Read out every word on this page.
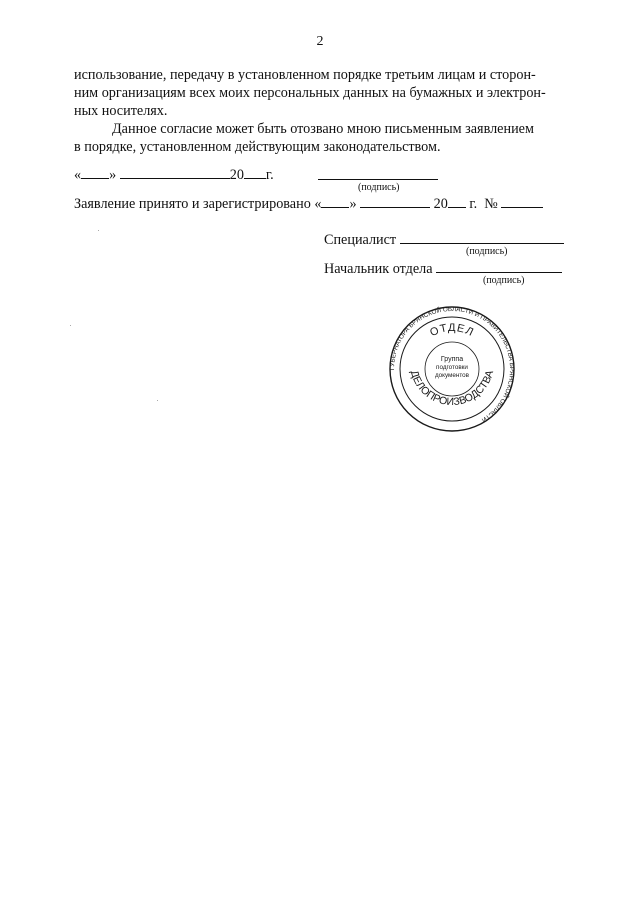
2
использование, передачу в установленном порядке третьим лицам и сторон-
ним организациям всех моих персональных данных на бумажных и электрон-
ных носителях.
Данное согласие может быть отозвано мною письменным заявлением
в порядке, установленном действующим законодательством.
« »	20 г.
(подпись)
Заявление принято и зарегистрировано « »	20 г. №
Специалист
(подпись)
Начальник отдела
(подпись)
ГУБЕРНАТОРА БРЯНСКОЙ ОБЛАСТИ И ПРАВИТЕЛЬСТВА БРЯНСКОЙ ОБЛАСТИ
ОТДЕЛ
ДЕЛОПРОИЗВОДСТВА
Группа
подготовки
документов
